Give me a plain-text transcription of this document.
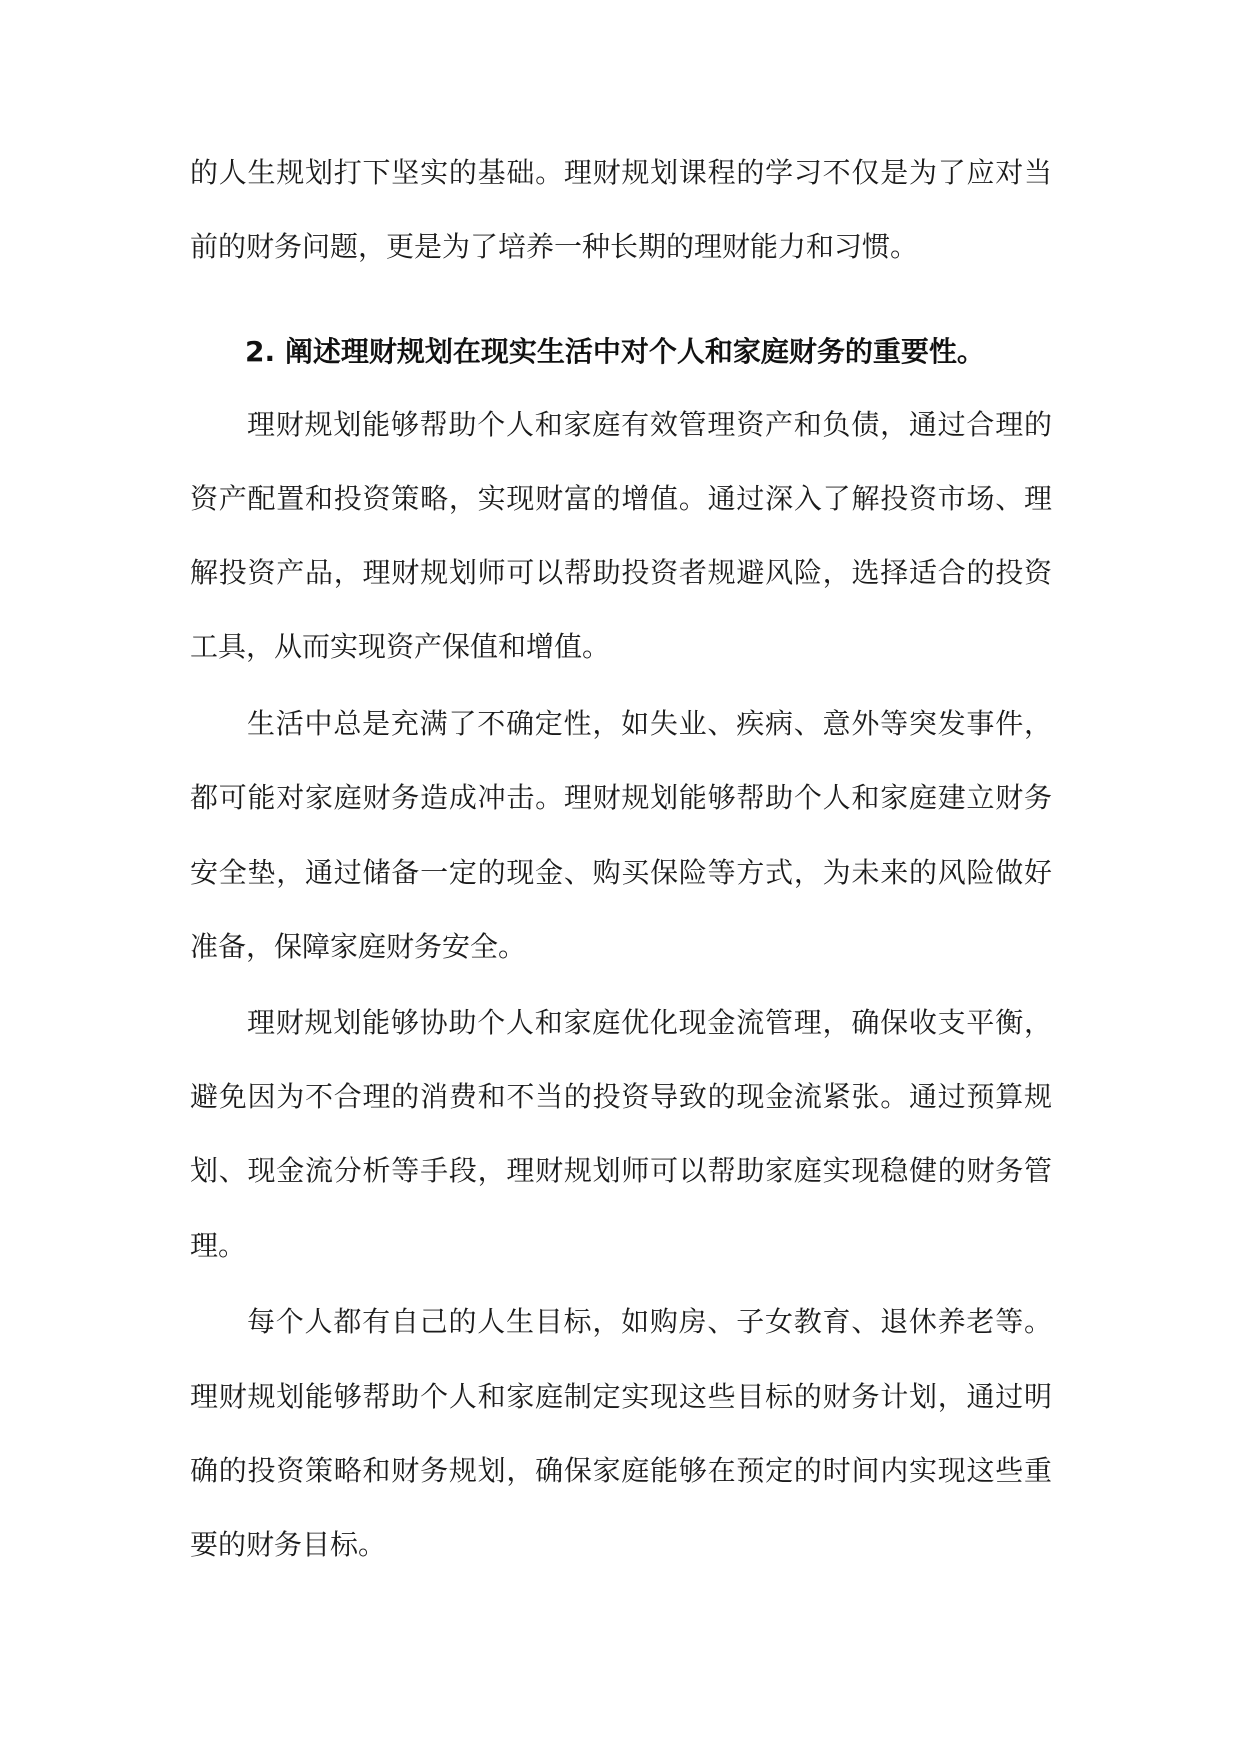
的人生规划打下坚实的基础。理财规划课程的学习不仅是为了应对当
前的财务问题，更是为了培养一种长期的理财能力和习惯。
2. 阐述理财规划在现实生活中对个人和家庭财务的重要性。
理财规划能够帮助个人和家庭有效管理资产和负债，通过合理的
资产配置和投资策略，实现财富的增值。通过深入了解投资市场、理
解投资产品，理财规划师可以帮助投资者规避风险，选择适合的投资
工具，从而实现资产保值和增值。
生活中总是充满了不确定性，如失业、疾病、意外等突发事件，
都可能对家庭财务造成冲击。理财规划能够帮助个人和家庭建立财务
安全垫，通过储备一定的现金、购买保险等方式，为未来的风险做好
准备，保障家庭财务安全。
理财规划能够协助个人和家庭优化现金流管理，确保收支平衡，
避免因为不合理的消费和不当的投资导致的现金流紧张。通过预算规
划、现金流分析等手段，理财规划师可以帮助家庭实现稳健的财务管
理。
每个人都有自己的人生目标，如购房、子女教育、退休养老等。
理财规划能够帮助个人和家庭制定实现这些目标的财务计划，通过明
确的投资策略和财务规划，确保家庭能够在预定的时间内实现这些重
要的财务目标。
